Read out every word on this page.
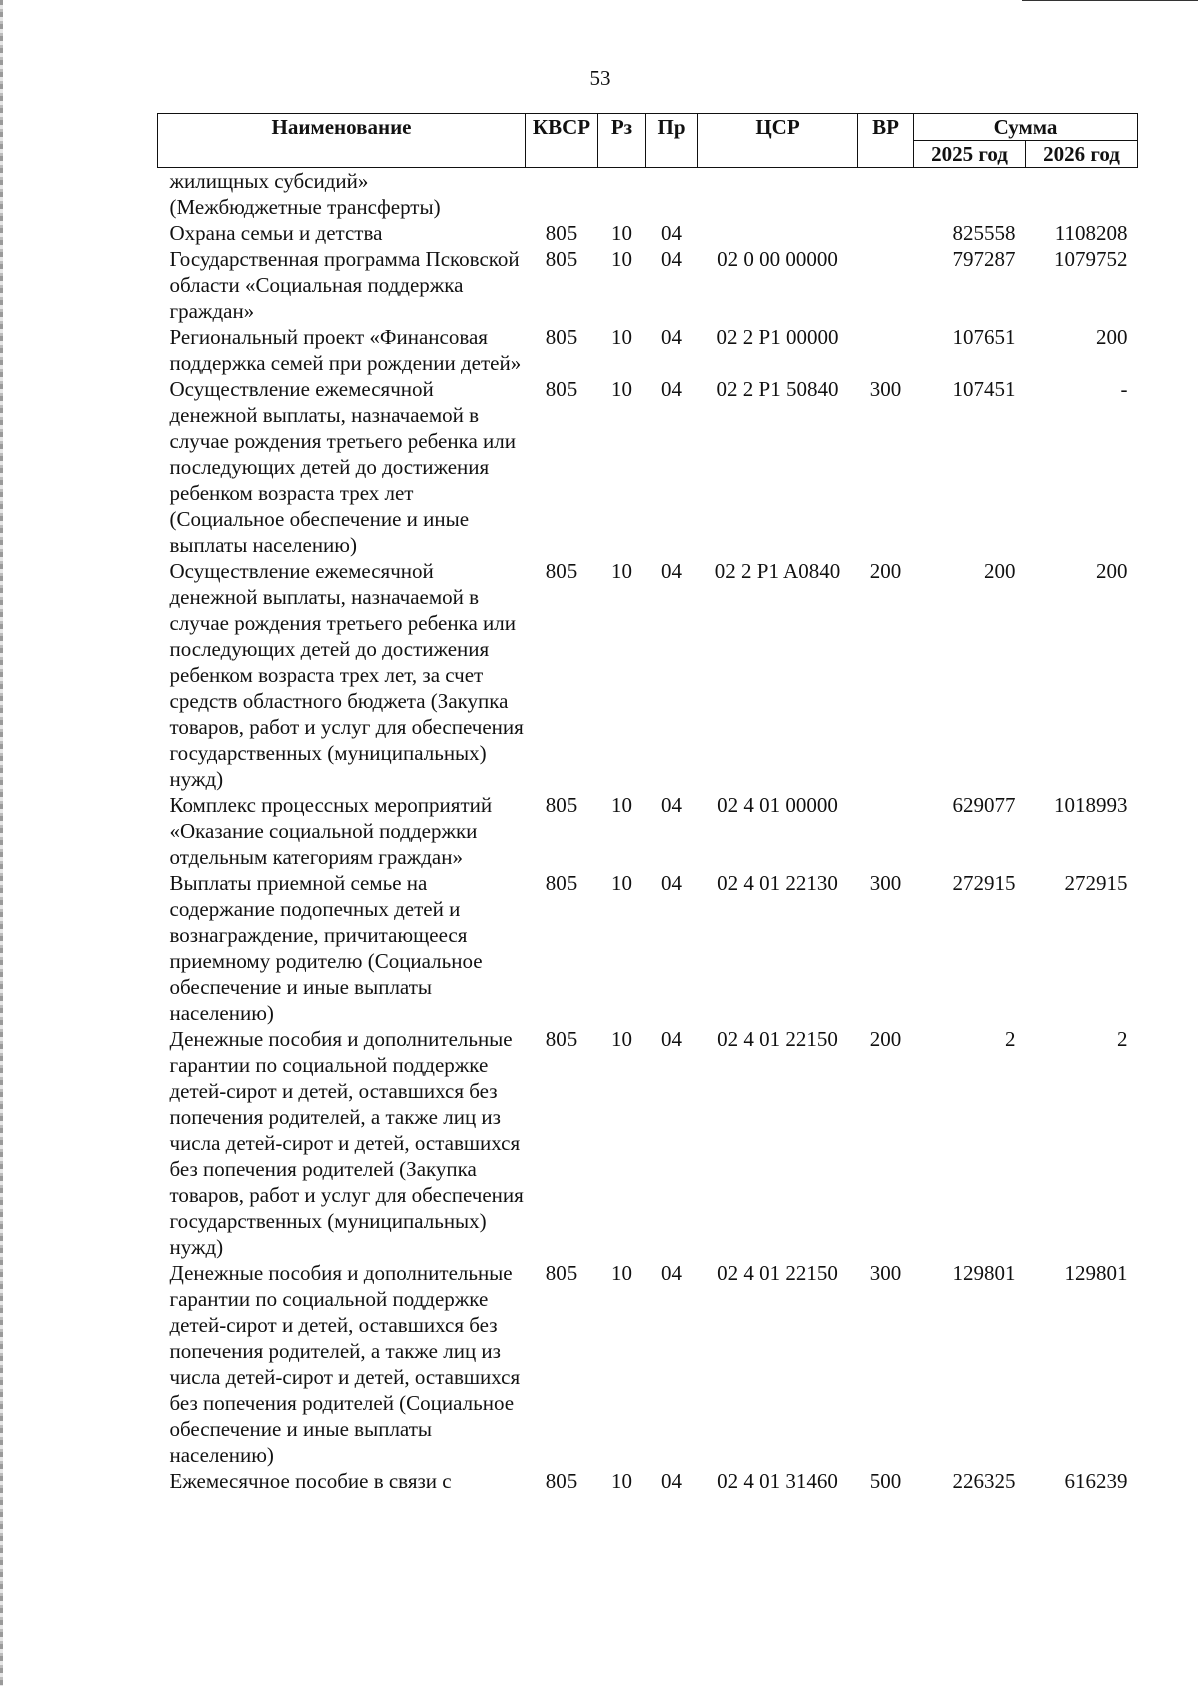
53
Наименование	КВСР	Рз	Пр	ЦСР	ВР	Сумма	
						2025 год	2026 год
жилищных субсидий» (Межбюджетные трансферты)							
Охрана семьи и детства	805	10	04			825558	1108208
Государственная программа Псковской области «Социальная поддержка граждан»	805	10	04	02 0 00 00000		797287	1079752
Региональный проект «Финансовая поддержка семей при рождении детей»	805	10	04	02 2 P1 00000		107651	200
Осуществление ежемесячной денежной выплаты, назначаемой в случае рождения третьего ребенка или последующих детей до достижения ребенком возраста трех лет (Социальное обеспечение и иные выплаты населению)	805	10	04	02 2 P1 50840	300	107451	-
Осуществление ежемесячной денежной выплаты, назначаемой в случае рождения третьего ребенка или последующих детей до достижения ребенком возраста трех лет, за счет средств областного бюджета (Закупка товаров, работ и услуг для обеспечения государственных (муниципальных) нужд)	805	10	04	02 2 P1 A0840	200	200	200
Комплекс процессных мероприятий «Оказание социальной поддержки отдельным категориям граждан»	805	10	04	02 4 01 00000		629077	1018993
Выплаты приемной семье на содержание подопечных детей и вознаграждение, причитающееся приемному родителю (Социальное обеспечение и иные выплаты населению)	805	10	04	02 4 01 22130	300	272915	272915
Денежные пособия и дополнительные гарантии по социальной поддержке детей-сирот и детей, оставшихся без попечения родителей, а также лиц из числа детей-сирот и детей, оставшихся без попечения родителей (Закупка товаров, работ и услуг для обеспечения государственных (муниципальных) нужд)	805	10	04	02 4 01 22150	200	2	2
Денежные пособия и дополнительные гарантии по социальной поддержке детей-сирот и детей, оставшихся без попечения родителей, а также лиц из числа детей-сирот и детей, оставшихся без попечения родителей (Социальное обеспечение и иные выплаты населению)	805	10	04	02 4 01 22150	300	129801	129801
Ежемесячное пособие в связи с	805	10	04	02 4 01 31460	500	226325	616239
